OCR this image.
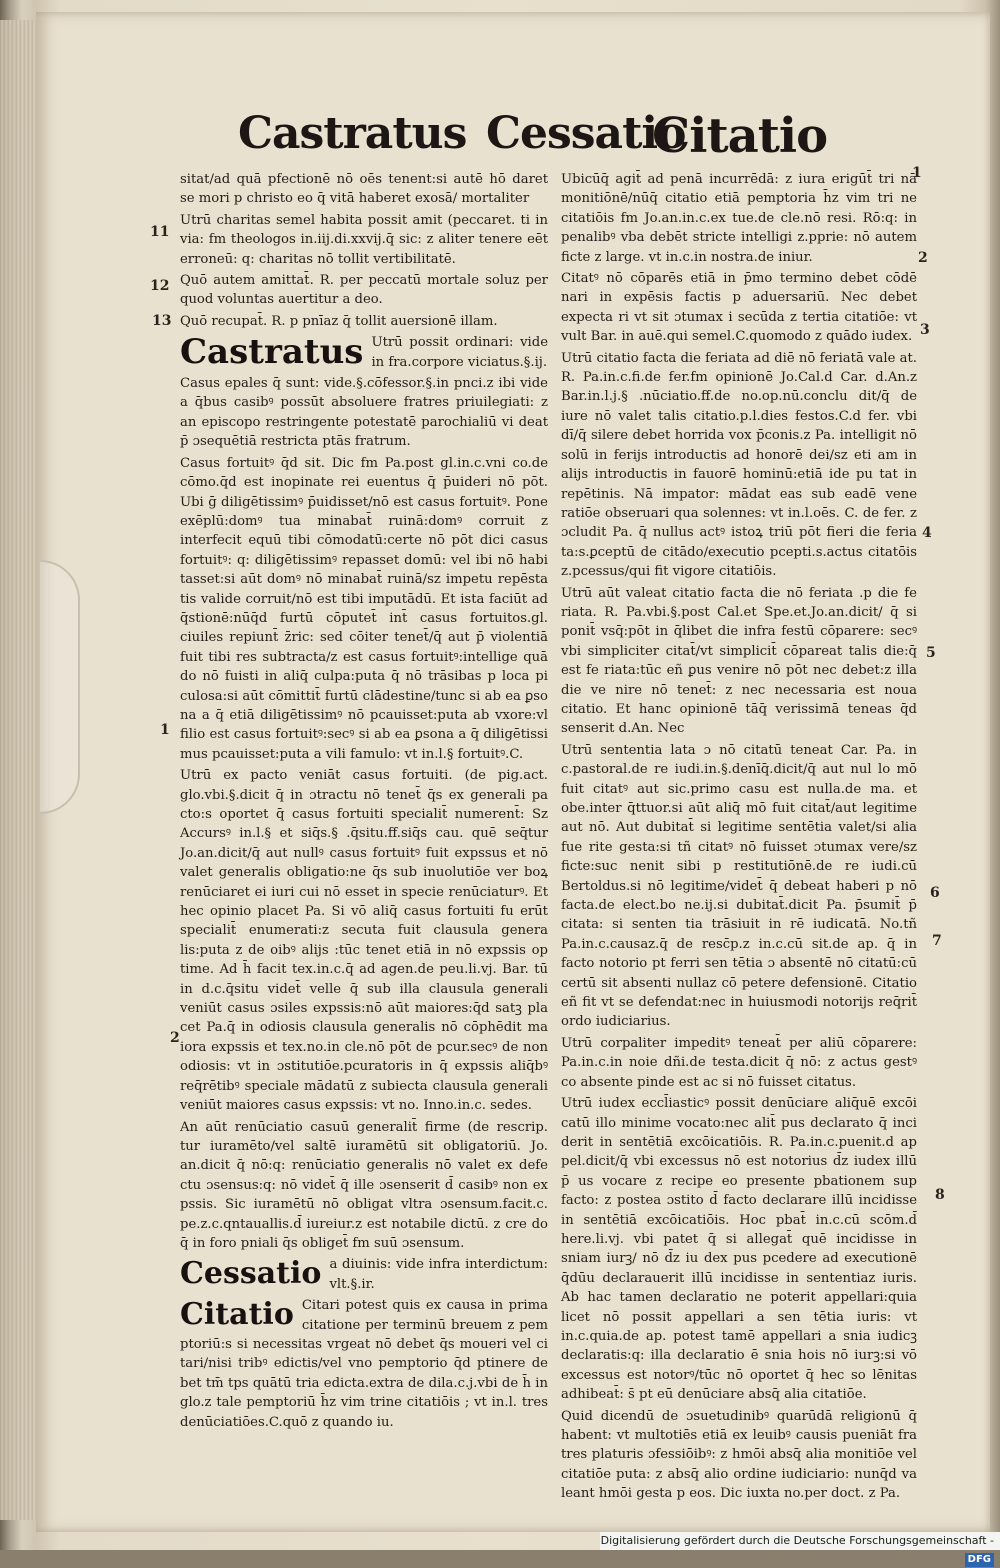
Castratus Cessatio
Citatio
11
12
13
1
2
1
2
3
4
5
6
7
8

sitat/ad quā pfectionē nō oēs tenent:si autē hō daret se mori p christo eo q̄ vitā haberet exosā/ mortaliter

Utrū charitas semel habita possit amit (peccaret. ti in via: fm theologos in.iij.di.xxvij.q̄ sic: z aliter tenere eēt erroneū: q: charitas nō tollit vertibilitatē.

Quō autem amittat̄. R. per peccatū mortale soluz per quod voluntas auertitur a deo.

Quō recupat̄. R. p pnīaz q̄ tollit auersionē illam.

Castratus Utrū possit ordinari: vide in fra.corpore viciatus.§.ij.

Casus epales q̄ sunt: vide.§.cōfessor.§.in pnci.z ibi vide a q̄bus casibꝰ possūt absoluere fratres priuilegiati: z an episcopo restringente potestatē parochialiū vi deat p̄ ɔsequētiā restricta ptās fratrum.

Casus fortuitꝰ q̄d sit. Dic fm Pa.post gl.in.c.vni co.de cōmo.q̄d est inopinate rei euentus q̄ p̄uideri nō pōt. Ubi ḡ diligētissimꝰ p̄uidisset/nō est casus fortuitꝰ. Pone exēplū:domꝰ tua minabat̄ ruinā:domꝰ corruit z interfecit equū tibi cōmodatū:certe nō pōt dici casus fortuitꝰ: q: diligētissimꝰ repasset domū: vel ibi nō habi tasset:si aūt domꝰ nō minabat̄ ruinā/sz impetu repēsta tis valide corruit/nō est tibi imputādū. Et ista faciūt ad q̄stionē:nūq̄d furtū cōputet̄ int̄ casus fortuitos.gl. ciuiles repiunt̄ z̄ric: sed cōiter tenet̄/q̄ aut p̄ violentiā fuit tibi res subtracta/z est casus fortuitꝰ:intellige quā do nō fuisti in aliq̄ culpa:puta q̄ nō trāsibas p loca pi culosa:si aūt cōmittit̄ furtū clādestine/tunc si ab ea ꝑso na a q̄ etiā diligētissimꝰ nō pcauisset:puta ab vxore:vl filio est casus fortuitꝰ:secꝰ si ab ea ꝑsona a q̄ diligētissi mus pcauisset:puta a vili famulo: vt in.l.§ fortuitꝰ.C.

Utrū ex pacto veniāt casus fortuiti. (de pig.act. glo.vbi.§.dicit q̄ in ɔtractu nō tenet̄ q̄s ex generali pa cto:s oportet q̄ casus fortuiti specialit̄ numerent̄: Sz Accursꝰ in.l.§ et siq̄s.§ .q̄situ.ff.siq̄s cau. quē seq̄tur Jo.an.dicit/q̄ aut nullꝰ casus fortuitꝰ fuit expssus et nō valet generalis obligatio:ne q̄s sub inuolutiōe ver boꝝ renūciaret ei iuri cui nō esset in specie renūciaturꝰ. Et hec opinio placet Pa. Si vō aliq̄ casus fortuiti fu erūt specialit̄ enumerati:z secuta fuit clausula genera lis:puta z de oibꝰ alijs :tūc tenet etiā in nō expssis op time. Ad h̄ facit tex.in.c.q̄ ad agen.de peu.li.vj. Bar. tū in d.c.q̄situ videt̄ velle q̄ sub illa clausula generali veniūt casus ɔsiles expssis:nō aūt maiores:q̄d satꝫ pla cet Pa.q̄ in odiosis clausula generalis nō cōphēdit ma iora expssis et tex.no.in cle.nō pōt de pcur.secꝰ de non odiosis: vt in ɔstitutiōe.pcuratoris in q̄ expssis aliq̄bꝰ req̄rētibꝰ speciale mādatū z subiecta clausula generali veniūt maiores casus expssis: vt no. Inno.in.c. sedes.

An aūt renūciatio casuū generalit̄ firme (de rescrip. tur iuramēto/vel saltē iuramētū sit obligatoriū. Jo. an.dicit q̄ nō:q: renūciatio generalis nō valet ex defe ctu ɔsensus:q: nō videt̄ q̄ ille ɔsenserit d̄ casibꝰ non ex pssis. Sic iuramētū nō obligat vltra ɔsensum.facit.c. pe.z.c.qntauallis.d̄ iureiur.z est notabile dictū. z cre do q̄ in foro pniali q̄s obliget̄ fm suū ɔsensum.

Cessatio a diuinis: vide infra interdictum: vlt.§.ir.

Citatio Citari potest quis ex causa in prima citatione per terminū breuem z pem ptoriū:s si necessitas vrgeat nō debet q̄s moueri vel ci tari/nisi tribꝰ edictis/vel vno pemptorio q̄d ptinere de bet tm̄ tps quātū tria edicta.extra de dila.c.j.vbi de h̄ in glo.z tale pemptoriū h̄z vim trine citatiōis ; vt in.l. tres denūciatiōes.C.quō z quando iu.

Ubicūq̄ agit̄ ad penā incurrēdā: z iura erigūt̄ tri nā monitiōnē/nūq̄ citatio etiā pemptoria h̄z vim tri ne citatiōis fm Jo.an.in.c.ex tue.de cle.nō resi. Rō:q: in penalibꝰ vba debēt stricte intelligi z.pprie: nō autem ficte z large. vt in.c.in nostra.de iniur.

Citatꝰ nō cōparēs etiā in p̄mo termino debet cōdē nari in expēsis factis p aduersariū. Nec debet expecta ri vt sit ɔtumax i secūda z tertia citatiōe: vt vult Bar. in auē.qui semel.C.quomodo z quādo iudex.

Utrū citatio facta die feriata ad diē nō feriatā vale at. R. Pa.in.c.fi.de fer.fm opinionē Jo.Cal.d Car. d.An.z Bar.in.l.j.§ .nūciatio.ff.de no.op.nū.conclu dit/q̄ de iure nō valet talis citatio.p.l.dies festos.C.d fer. vbi dī/q̄ silere debet horrida vox p̄conis.z Pa. intelligit nō solū in ferijs introductis ad honorē dei/sz eti am in alijs introductis in fauorē hominū:etiā ide pu tat in repētinis. Nā impator: mādat eas sub eadē vene ratiōe obseruari qua solennes: vt in.l.oēs. C. de fer. z ɔcludit Pa. q̄ nullus actꝰ istoꝝ triū pōt fieri die feria ta:s.ꝑceptū de citādo/executio pcepti.s.actus citatōis z.pcessus/qui fit vigore citatiōis.

Utrū aūt valeat citatio facta die nō feriata .p die fe riata. R. Pa.vbi.§.post Cal.et Spe.et.Jo.an.dicit/ q̄ si ponit̄ vsq̄:pōt in q̄libet die infra festū cōparere: secꝰ vbi simpliciter citat̄/vt simplicit̄ cōpareat talis die:q̄ est fe riata:tūc eñ ꝑus venire nō pōt nec debet:z illa die ve nire nō tenet̄: z nec necessaria est noua citatio. Et hanc opinionē tāq̄ verissimā teneas q̄d senserit d.An. Nec

Utrū sententia lata ɔ nō citatū teneat Car. Pa. in c.pastoral.de re iudi.in.§.denīq̄.dicit/q̄ aut nul lo mō fuit citatꝰ aut sic.primo casu est nulla.de ma. et obe.inter q̄ttuor.si aūt aliq̄ mō fuit citat̄/aut legitime aut nō. Aut dubitat̄ si legitime sentētia valet/si alia fue rite gesta:si tñ citatꝰ nō fuisset ɔtumax vere/sz ficte:suc nenit sibi p restitutiōnē.de re iudi.cū Bertoldus.si nō legitime/videt̄ q̄ debeat haberi p nō facta.de elect.bo ne.ij.si dubitat̄.dicit Pa. p̄sumit̄ p̄ citata: si senten tia trāsiuit in rē iudicatā. No.tñ Pa.in.c.causaz.q̄ de resc̄p.z in.c.cū sit.de ap. q̄ in facto notorio pt ferri sen tētia ɔ absentē nō citatū:cū certū sit absenti nullaz cō petere defensionē. Citatio eñ fit vt se defendat:nec in huiusmodi notorijs req̄rit̄ ordo iudiciarius.

Utrū corpaliter impeditꝰ teneat̄ per aliū cōparere: Pa.in.c.in noie dñi.de testa.dicit q̄ nō: z actus gestꝰ co absente pinde est ac si nō fuisset citatus.

Utrū iudex eccl̄iasticꝰ possit denūciare aliq̄uē excōi catū illo minime vocato:nec alit̄ pus declarato q̄ inci derit in sentētiā excōicatiōis. R. Pa.in.c.puenit.d ap pel.dicit/q̄ vbi excessus nō est notorius d̄z iudex illū p̄ us vocare z recipe eo presente pbationem sup facto: z postea ɔstito d̄ facto declarare illū incidisse in sentētiā excōicatiōis. Hoc pbat̄ in.c.cū scōm.d̄ here.li.vj. vbi patet q̄ si allegat̄ quē incidisse in sniam iurꝫ/ nō d̄z iu dex pus pcedere ad executionē q̄dūu declarauerit illū incidisse in sententiaz iuris. Ab hac tamen declaratio ne poterit appellari:quia licet nō possit appellari a sen tētia iuris: vt in.c.quia.de ap. potest tamē appellari a snia iudicꝫ declaratis:q: illa declaratio ē snia hois nō iurꝫ:si vō excessus est notorꝰ/tūc nō oportet q̄ hec so lēnitas adhibeat̄: s̄ pt eū denūciare absq̄ alia citatiōe.

Quid dicendū de ɔsuetudinibꝰ quarūdā religionū q̄ habent: vt multotiēs etiā ex leuibꝰ causis pueniāt fra tres platuris ɔfessiōibꝰ: z hmōi absq̄ alia monitiōe vel citatiōe puta: z absq̄ alio ordine iudiciario: nunq̄d va leant hmōi gesta p eos. Dic iuxta no.per doct. z Pa.

Digitalisierung gefördert durch die Deutsche Forschungsgemeinschaft -DFG
